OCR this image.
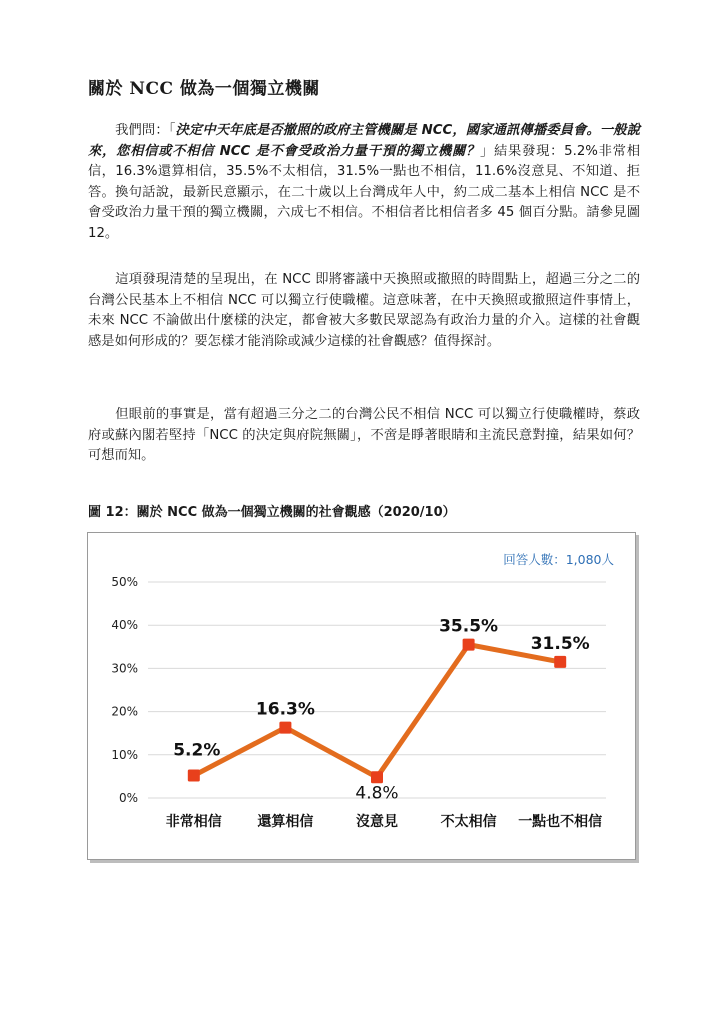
關於 NCC 做為一個獨立機關

我們問：「決定中天年底是否撤照的政府主管機關是 NCC，國家通訊傳播委員會。一般說來，您相信或不相信 NCC 是不會受政治力量干預的獨立機關？」結果發現：5.2%非常相信，16.3%還算相信，35.5%不太相信，31.5%一點也不相信，11.6%沒意見、不知道、拒答。換句話說，最新民意顯示，在二十歲以上台灣成年人中，約二成二基本上相信 NCC 是不會受政治力量干預的獨立機關，六成七不相信。不相信者比相信者多 45 個百分點。請參見圖 12。

這項發現清楚的呈現出，在 NCC 即將審議中天換照或撤照的時間點上，超過三分之二的台灣公民基本上不相信 NCC 可以獨立行使職權。這意味著，在中天換照或撤照這件事情上，未來 NCC 不論做出什麼樣的決定，都會被大多數民眾認為有政治力量的介入。這樣的社會觀感是如何形成的？要怎樣才能消除或減少這樣的社會觀感？值得探討。

但眼前的事實是，當有超過三分之二的台灣公民不相信 NCC 可以獨立行使職權時，蔡政府或蘇內閣若堅持「NCC 的決定與府院無關」，不啻是睜著眼睛和主流民意對撞，結果如何？可想而知。

圖 12：關於 NCC 做為一個獨立機關的社會觀感（2020/10）
0%
10%
20%
30%
40%
50%
5.2%
16.3%
4.8%
35.5%
31.5%
非常相信	還算相信	沒意見	不太相信 一點也不相信
回答人數：1,080人
